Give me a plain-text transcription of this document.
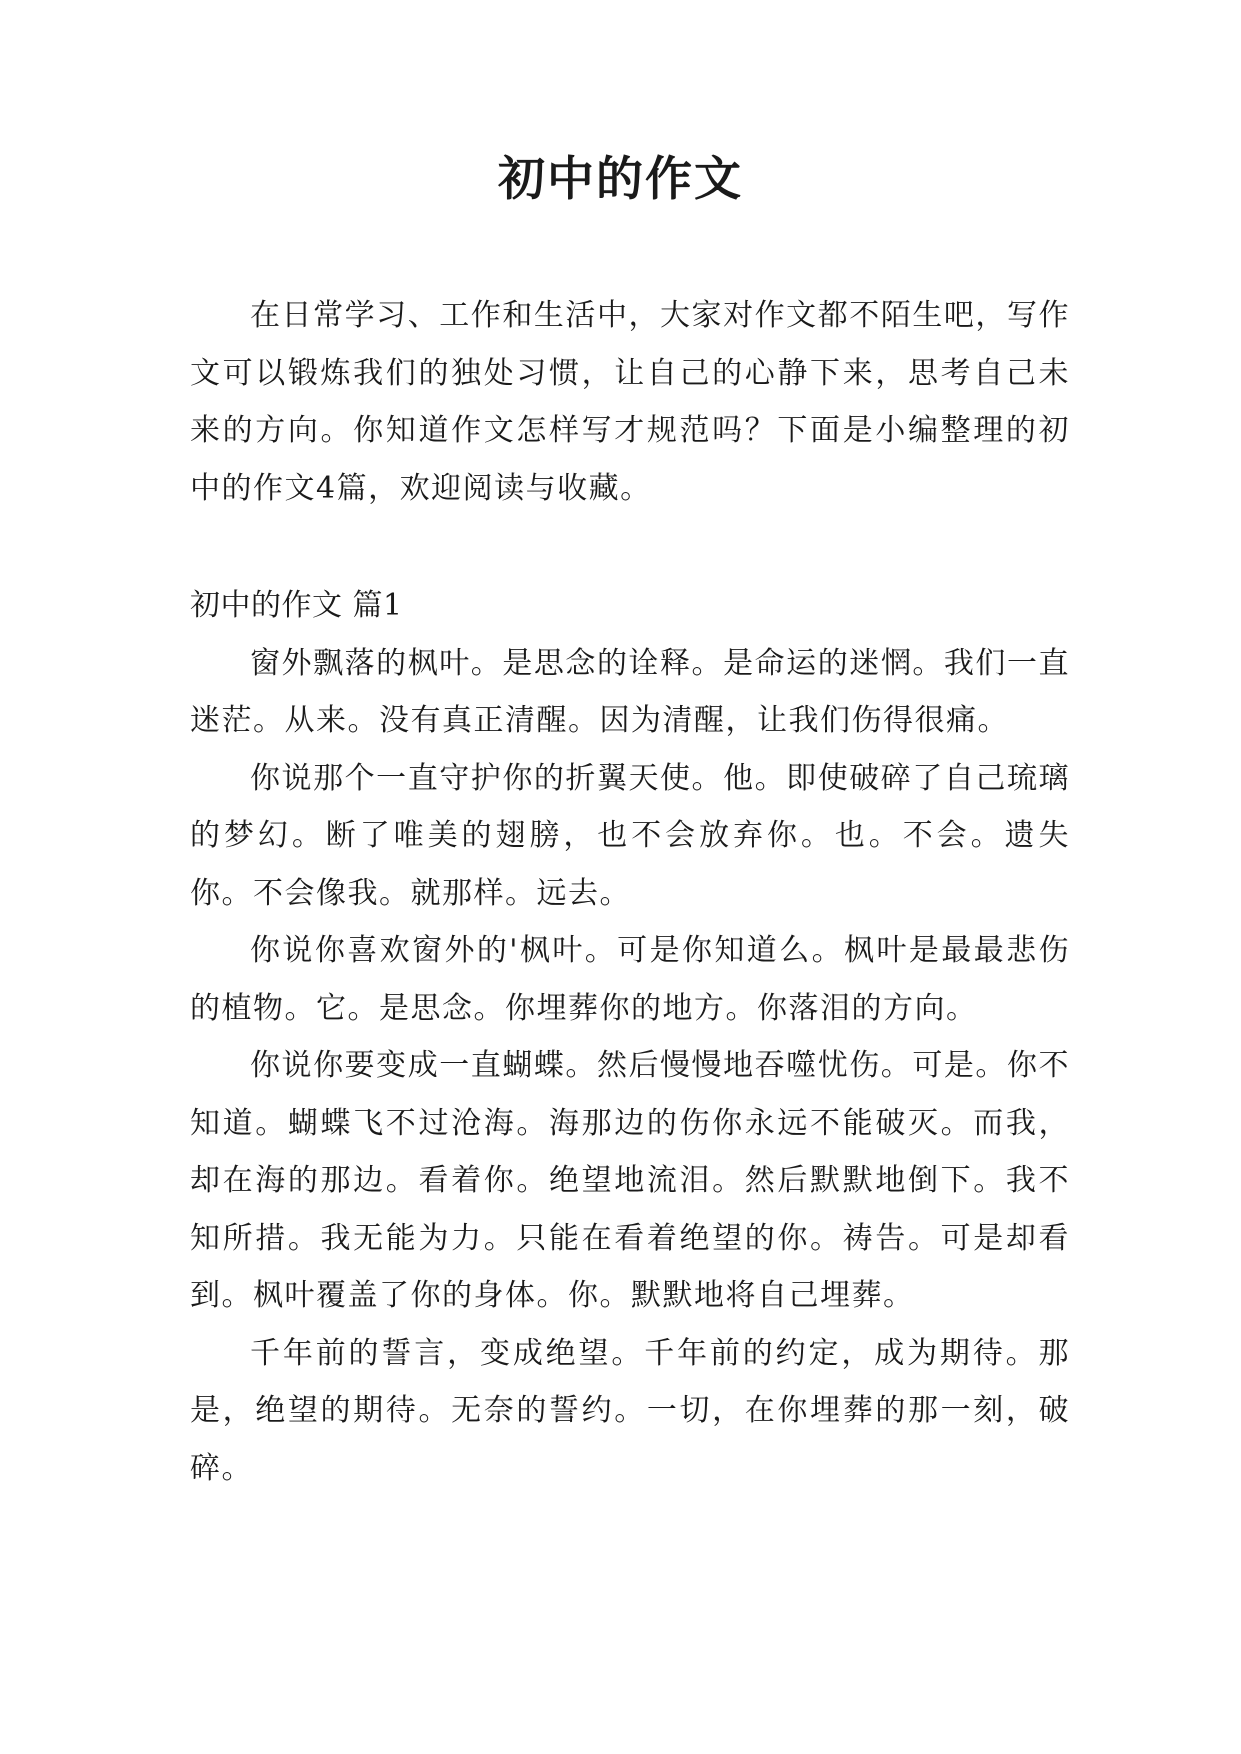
初中的作文

在日常学习、工作和生活中，大家对作文都不陌生吧，写作文可以锻炼我们的独处习惯，让自己的心静下来，思考自己未来的方向。你知道作文怎样写才规范吗？下面是小编整理的初中的作文4篇，欢迎阅读与收藏。

初中的作文 篇1

窗外飘落的枫叶。是思念的诠释。是命运的迷惘。我们一直迷茫。从来。没有真正清醒。因为清醒，让我们伤得很痛。

你说那个一直守护你的折翼天使。他。即使破碎了自己琉璃的梦幻。断了唯美的翅膀，也不会放弃你。也。不会。遗失你。不会像我。就那样。远去。

你说你喜欢窗外的'枫叶。可是你知道么。枫叶是最最悲伤的植物。它。是思念。你埋葬你的地方。你落泪的方向。

你说你要变成一直蝴蝶。然后慢慢地吞噬忧伤。可是。你不知道。蝴蝶飞不过沧海。海那边的伤你永远不能破灭。而我，却在海的那边。看着你。绝望地流泪。然后默默地倒下。我不知所措。我无能为力。只能在看着绝望的你。祷告。可是却看到。枫叶覆盖了你的身体。你。默默地将自己埋葬。

千年前的誓言，变成绝望。千年前的约定，成为期待。那是，绝望的期待。无奈的誓约。一切，在你埋葬的那一刻，破碎。
